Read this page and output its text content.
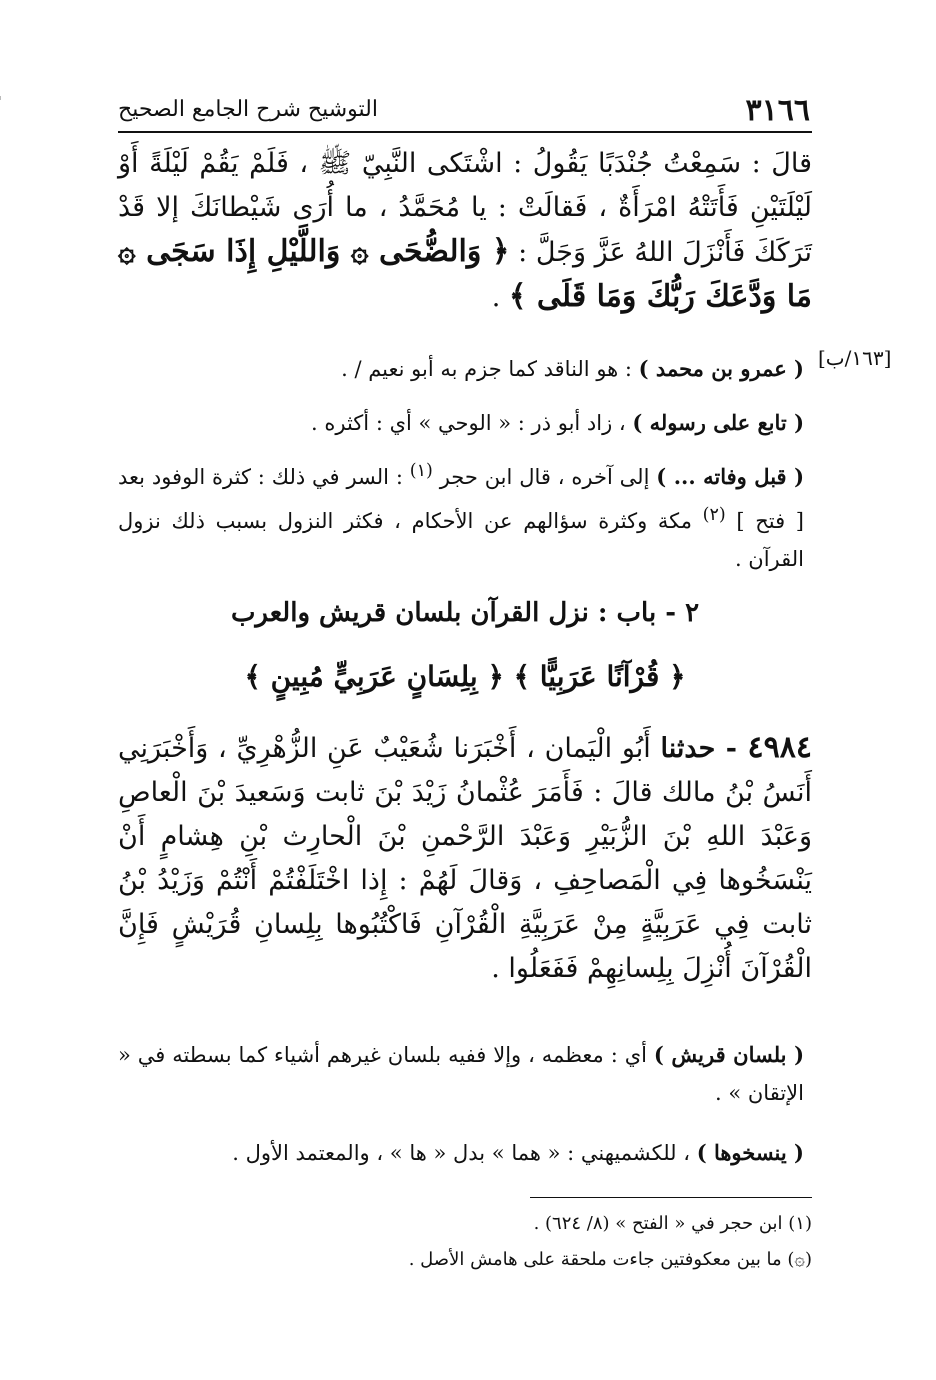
٣١٦٦
التوشيح شرح الجامع الصحيح
قالَ : سَمِعْتُ جُنْدَبًا يَقُولُ : اشْتَكى النَّبِيّ ﷺ ، فَلَمْ يَقُمْ لَيْلَةً أَوْ لَيْلَتَيْنِ فَأَتَتْهُ امْرَأَةٌ ، فَقالَتْ : يا مُحَمَّدُ ، ما أُرَى شَيْطانَكَ إلا قَدْ تَرَكَكَ فَأَنْزَلَ اللهُ عَزَّ وَجَلَّ : ﴿ وَالضُّحَى ۞ وَاللَّيْلِ إِذَا سَجَى ۞ مَا وَدَّعَكَ رَبُّكَ وَمَا قَلَى ﴾ .
[١٦٣/ب]
( عمرو بن محمد ) : هو الناقد كما جزم به أبو نعيم / .
( تابع على رسوله ) ، زاد أبو ذر : « الوحي » أي : أكثره .
( قبل وفاته ... ) إلى آخره ، قال ابن حجر $^{(١)}$ : السر في ذلك : كثرة الوفود بعد [ فتح ] $^{(٢)}$ مكة وكثرة سؤالهم عن الأحكام ، فكثر النزول بسبب ذلك نزول القرآن .
٢ - باب : نزل القرآن بلسان قريش والعرب
﴿ قُرْآنًا عَرَبِيًّا ﴾ ﴿ بِلِسَانٍ عَرَبِيٍّ مُبِينٍ ﴾
٤٩٨٤ - حدثنا أَبُو الْيَمان ، أَخْبَرَنا شُعَيْبٌ عَنِ الزُّهْرِيِّ ، وَأَخْبَرَنِي أَنَسُ بْنُ مالك قالَ : فَأَمَرَ عُثْمانُ زَيْدَ بْنَ ثابت وَسَعيدَ بْنَ الْعاصِ وَعَبْدَ اللهِ بْنَ الزُّبَيْرِ وَعَبْدَ الرَّحْمنِ بْنَ الْحارِث بْنِ هِشامٍ أَنْ يَنْسَخُوها فِي الْمَصاحِفِ ، وَقالَ لَهُمْ : إِذا اخْتَلَفْتُمْ أَنْتُمْ وَزَيْدُ بْنُ ثابت فِي عَرَبِيَّةٍ مِنْ عَرَبِيَّةِ الْقُرْآنِ فَاكْتُبُوها بِلِسانِ قُرَيْشٍ فَإِنَّ الْقُرْآنَ أُنْزِلَ بِلِسانِهِمْ فَفَعَلُوا .
( بلسان قريش ) أي : معظمه ، وإلا ففيه بلسان غيرهم أشياء كما بسطته في « الإتقان » .
( ينسخوها ) ، للكشميهني : « هما » بدل « ها » ، والمعتمد الأول .
(١) ابن حجر في « الفتح » (٨/ ٦٢٤) .
(۞) ما بين معكوفتين جاءت ملحقة على هامش الأصل .
